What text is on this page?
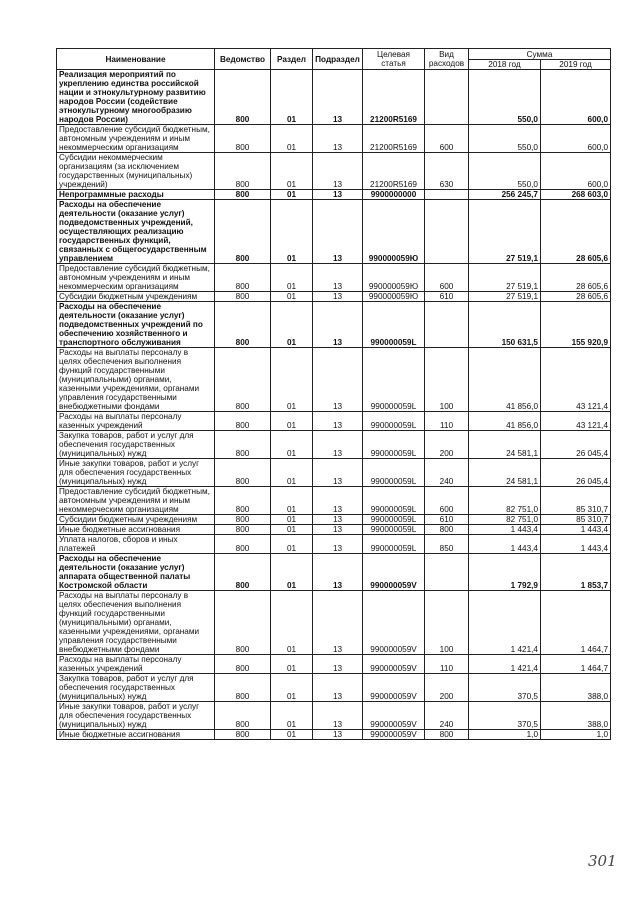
Наименование	Ведомство	Раздел	Подраздел	Целевая статья	Вид расходов	Сумма	
						2018 год	2019 год
Реализация мероприятий по укреплению единства российской нации и этнокультурному развитию народов России (содействие этнокультурному многообразию народов России)	800	01	13	21200R5169		550,0	600,0
Предоставление субсидий бюджетным, автономным учреждениям и иным некоммерческим организациям	800	01	13	21200R5169	600	550,0	600,0
Субсидии некоммерческим организациям (за исключением государственных (муниципальных) учреждений)	800	01	13	21200R5169	630	550,0	600,0
Непрограммные расходы	800	01	13	9900000000		256 245,7	268 603,0
Расходы на обеспечение деятельности (оказание услуг) подведомственных учреждений, осуществляющих реализацию государственных функций, связанных с общегосударственным управлением	800	01	13	990000059Ю		27 519,1	28 605,6
Предоставление субсидий бюджетным, автономным учреждениям и иным некоммерческим организациям	800	01	13	990000059Ю	600	27 519,1	28 605,6
Субсидии бюджетным учреждениям	800	01	13	990000059Ю	610	27 519,1	28 605,6
Расходы на обеспечение деятельности (оказание услуг) подведомственных учреждений по обеспечению хозяйственного и транспортного обслуживания	800	01	13	990000059L		150 631,5	155 920,9
Расходы на выплаты персоналу в целях обеспечения выполнения функций государственными (муниципальными) органами, казенными учреждениями, органами управления государственными внебюджетными фондами	800	01	13	990000059L	100	41 856,0	43 121,4
Расходы на выплаты персоналу казенных учреждений	800	01	13	990000059L	110	41 856,0	43 121,4
Закупка товаров, работ и услуг для обеспечения государственных (муниципальных) нужд	800	01	13	990000059L	200	24 581,1	26 045,4
Иные закупки товаров, работ и услуг для обеспечения государственных (муниципальных) нужд	800	01	13	990000059L	240	24 581,1	26 045,4
Предоставление субсидий бюджетным, автономным учреждениям и иным некоммерческим организациям	800	01	13	990000059L	600	82 751,0	85 310,7
Субсидии бюджетным учреждениям	800	01	13	990000059L	610	82 751,0	85 310,7
Иные бюджетные ассигнования	800	01	13	990000059L	800	1 443,4	1 443,4
Уплата налогов, сборов и иных платежей	800	01	13	990000059L	850	1 443,4	1 443,4
Расходы на обеспечение деятельности (оказание услуг) аппарата общественной палаты Костромской области	800	01	13	990000059V		1 792,9	1 853,7
Расходы на выплаты персоналу в целях обеспечения выполнения функций государственными (муниципальными) органами, казенными учреждениями, органами управления государственными внебюджетными фондами	800	01	13	990000059V	100	1 421,4	1 464,7
Расходы на выплаты персоналу казенных учреждений	800	01	13	990000059V	110	1 421,4	1 464,7
Закупка товаров, работ и услуг для обеспечения государственных (муниципальных) нужд	800	01	13	990000059V	200	370,5	388,0
Иные закупки товаров, работ и услуг для обеспечения государственных (муниципальных) нужд	800	01	13	990000059V	240	370,5	388,0
Иные бюджетные ассигнования	800	01	13	990000059V	800	1,0	1,0
301
